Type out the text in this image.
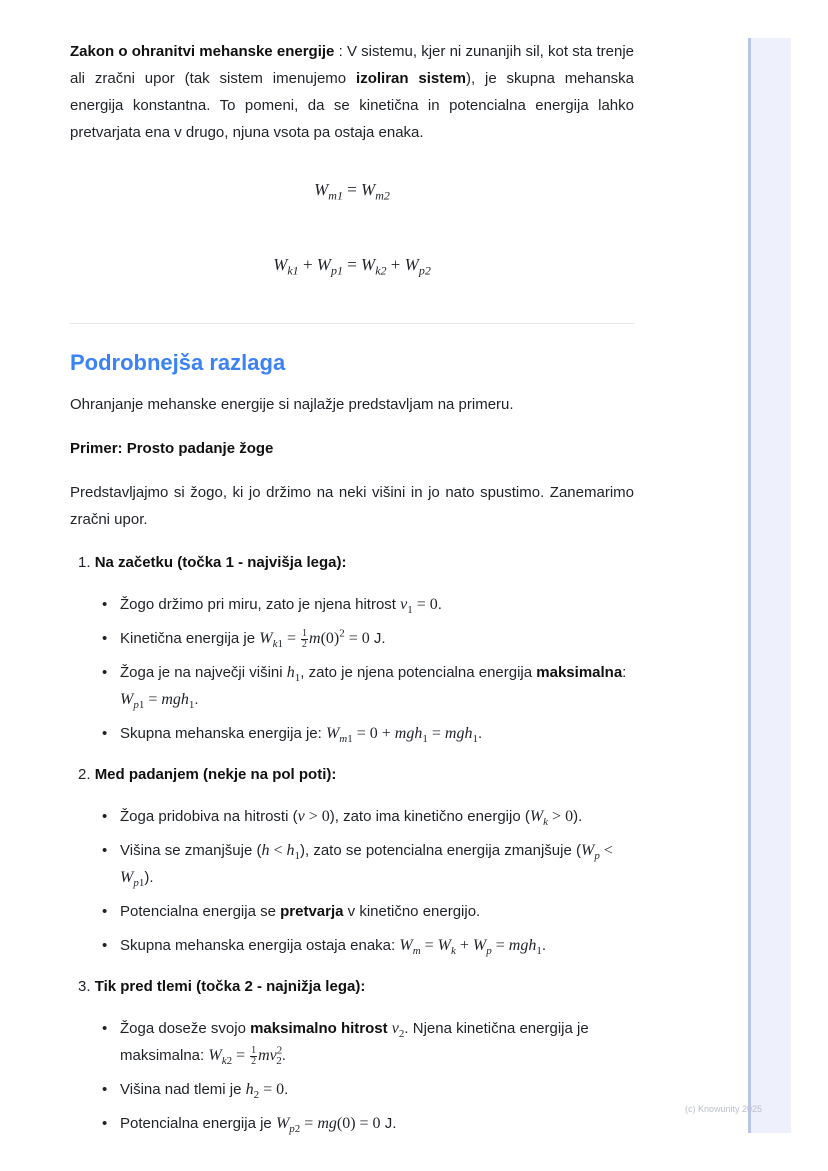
Zakon o ohranitvi mehanske energije : V sistemu, kjer ni zunanjih sil, kot sta trenje ali zračni upor (tak sistem imenujemo izoliran sistem), je skupna mehanska energija konstantna. To pomeni, da se kinetična in potencialna energija lahko pretvarjata ena v drugo, njuna vsota pa ostaja enaka.

$W_{m1} = W_{m2}$

$W_{k1} + W_{p1} = W_{k2} + W_{p2}$

Podrobnejša razlaga

Ohranjanje mehanske energije si najlažje predstavljam na primeru.

Primer: Prosto padanje žoge

Predstavljajmo si žogo, ki jo držimo na neki višini in jo nato spustimo. Zanemarimo zračni upor.

1. Na začetku (točka 1 - najvišja lega):
• Žogo držimo pri miru, zato je njena hitrost $v_1 = 0$.
• Kinetična energija je $W_{k1} = \frac{1}{2} m(0)^2 = 0$ J.
• Žoga je na največji višini $h_1$, zato je njena potencialna energija maksimalna: $W_{p1} = mgh_1$.
• Skupna mehanska energija je: $W_{m1} = 0 + mgh_1 = mgh_1$.
2. Med padanjem (nekje na pol poti):
• Žoga pridobiva na hitrosti (v > 0), zato ima kinetično energijo $(W_k > 0)$.
• Višina se zmanjšuje $(h < h_1)$, zato se potencialna energija zmanjšuje $(W_p < W_{p1})$.
• Potencialna energija se pretvarja v kinetično energijo.
• Skupna mehanska energija ostaja enaka: $W_m = W_k + W_p = mgh_1$.
3. Tik pred tlemi (točka 2 - najnižja lega):
• Žoga doseže svojo maksimalno hitrost $v_2$. Njena kinetična energija je maksimalna: $W_{k2} = \frac{1}{2} mv^2_2$.
• Višina nad tlemi je $h_2 = 0$.
• Potencialna energija je $W_{p2} = mg(0) = 0$ J.
(c) Knowunity 2025
